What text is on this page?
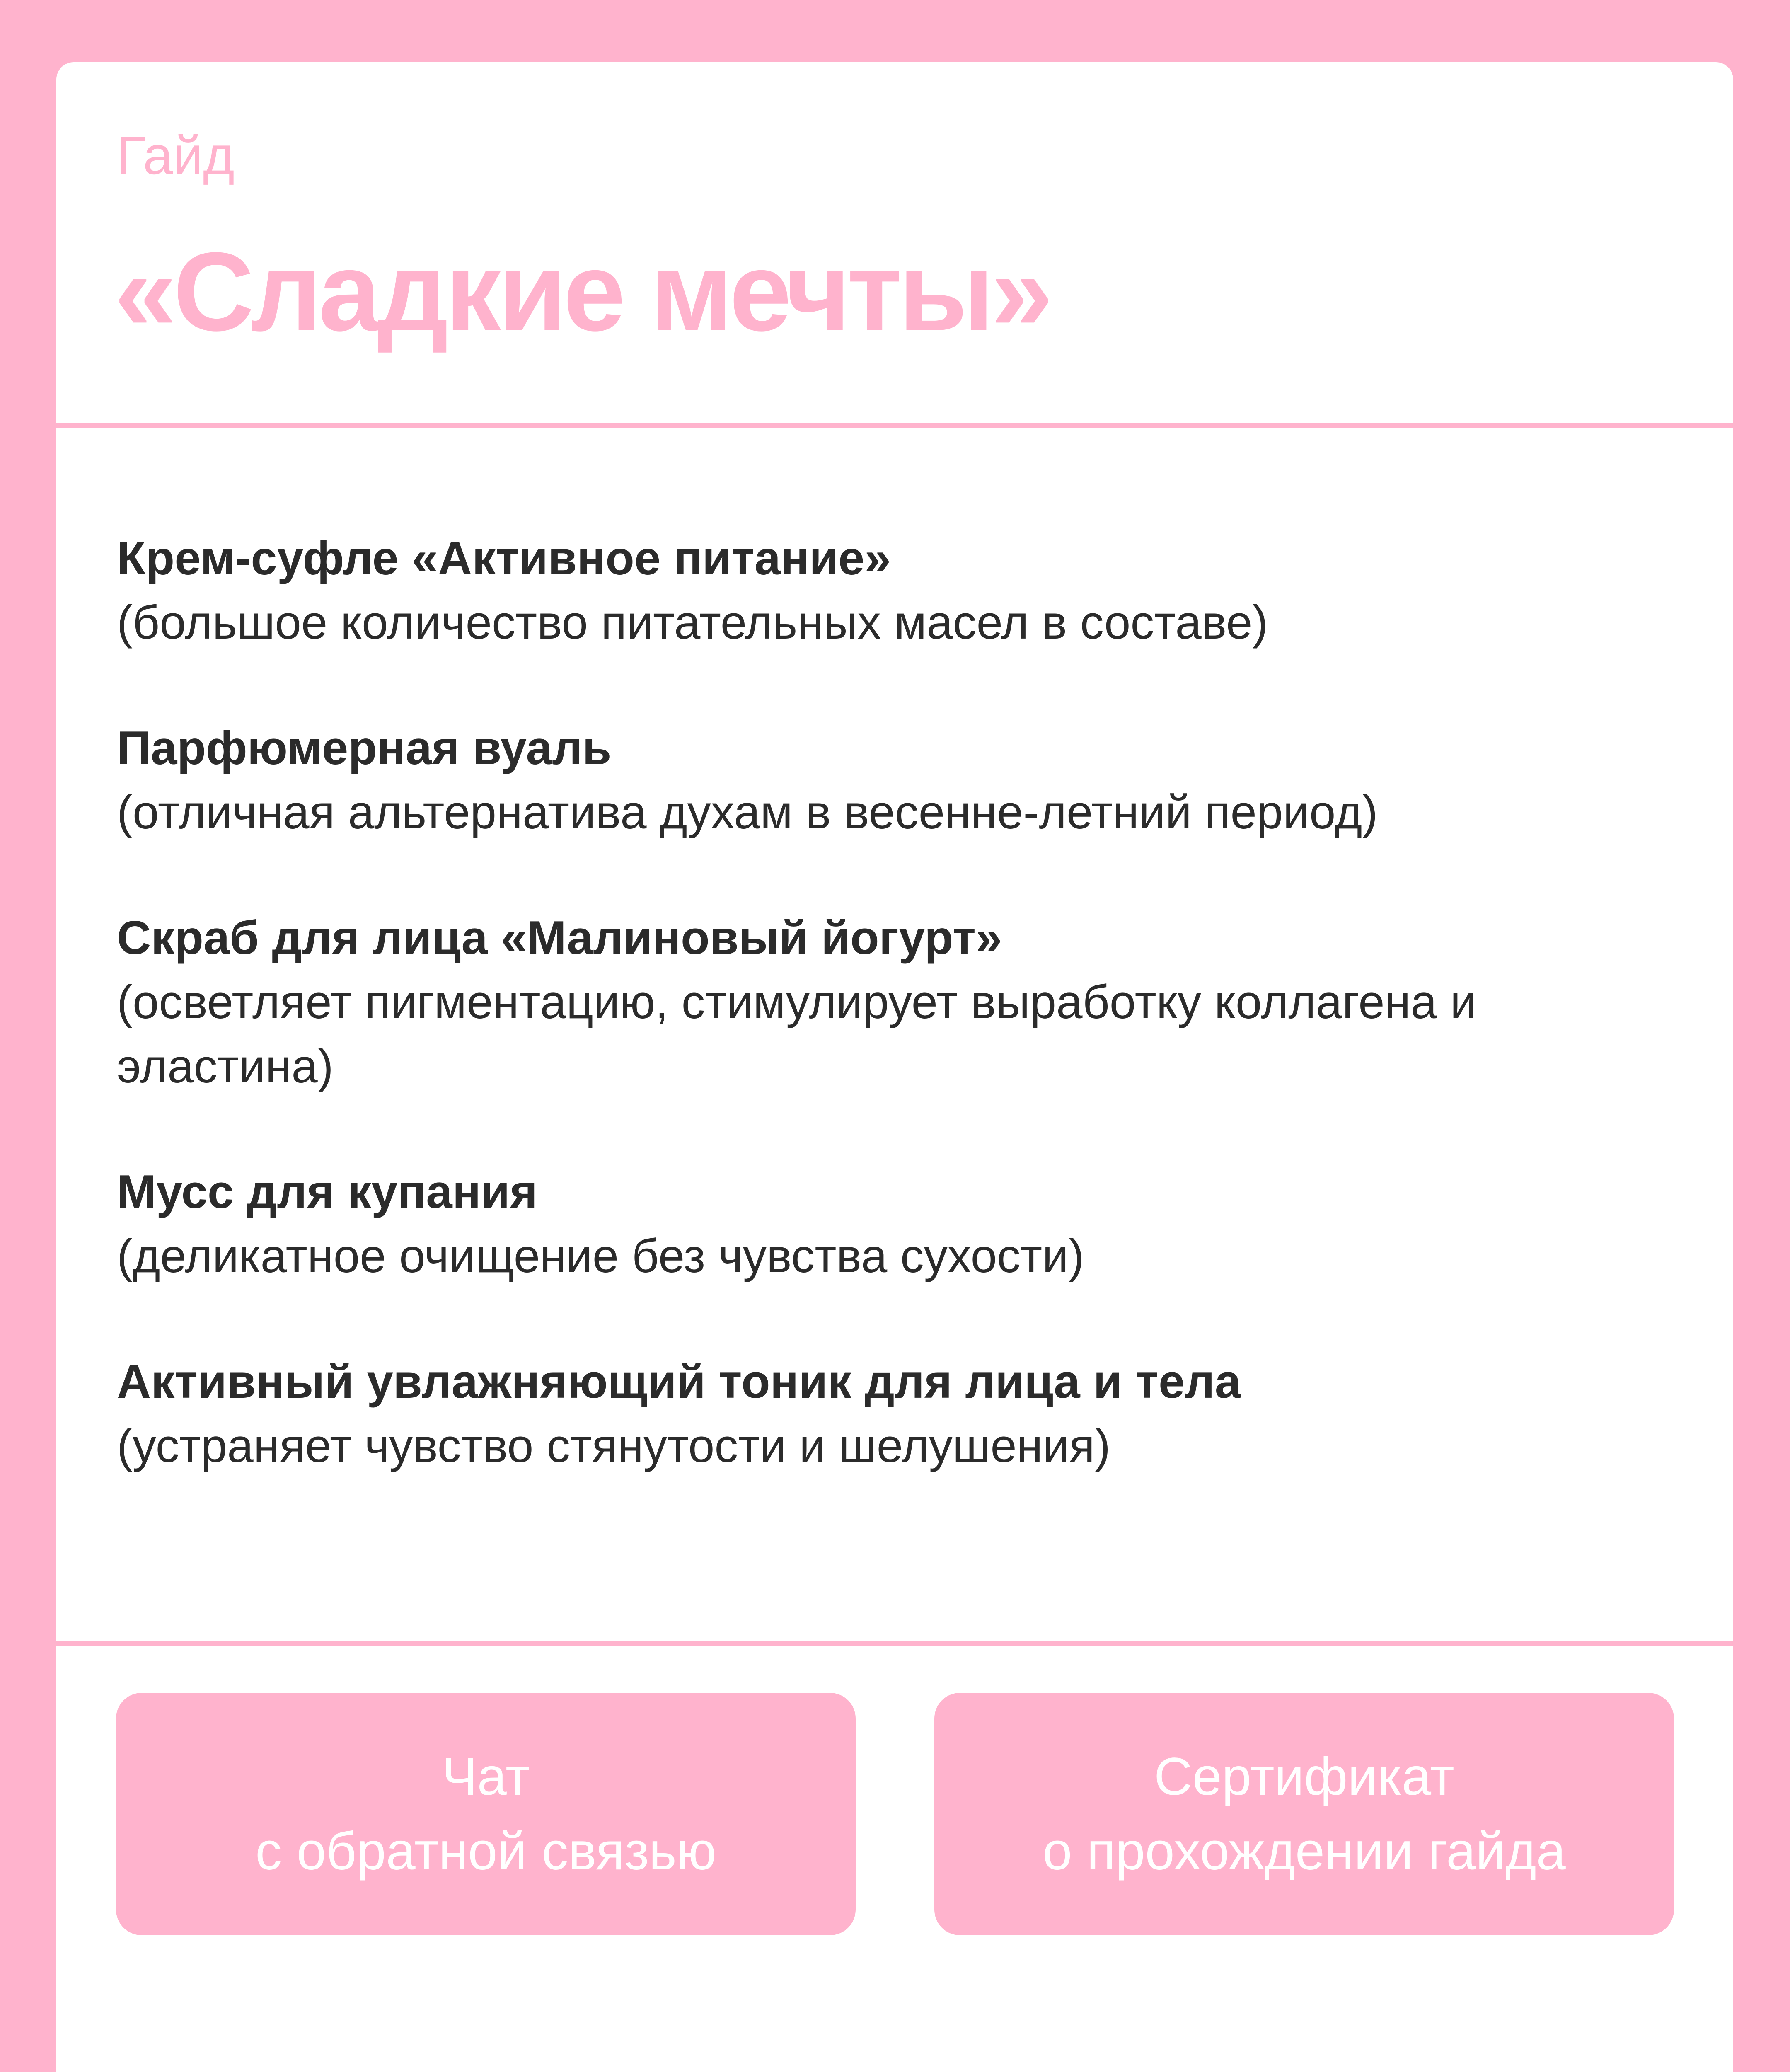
Гайд
«Сладкие мечты»
Крем-суфле «Активное питание»
(большое количество питательных масел в составе)
Парфюмерная вуаль
(отличная альтернатива духам в весенне-летний период)
Скраб для лица «Малиновый йогурт»
(осветляет пигментацию, стимулирует выработку коллагена и эластина)
Мусс для купания
(деликатное очищение без чувства сухости)
Активный увлажняющий тоник для лица и тела
(устраняет чувство стянутости и шелушения)
Чат
с обратной связью
Сертификат
о прохождении гайда
